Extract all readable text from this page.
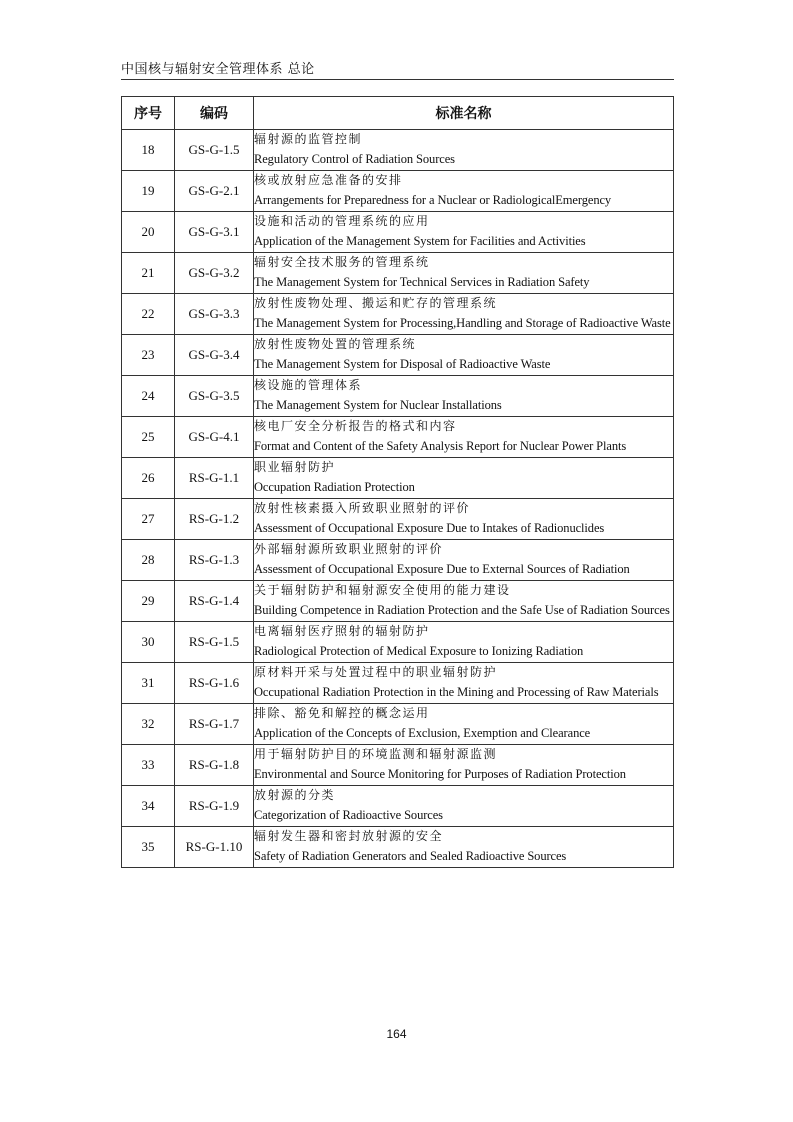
中国核与辐射安全管理体系 总论
序号	编码	标准名称
18	GS-G-1.5	辐射源的监管控制
Regulatory Control of Radiation Sources

19	GS-G-2.1	核或放射应急准备的安排
Arrangements for Preparedness for a Nuclear or RadiologicalEmergency

20	GS-G-3.1	设施和活动的管理系统的应用
Application of the Management System for Facilities and Activities

21	GS-G-3.2	辐射安全技术服务的管理系统
The Management System for Technical Services in Radiation Safety

22	GS-G-3.3	放射性废物处理、搬运和贮存的管理系统
The Management System for Processing,Handling and Storage of Radioactive Waste

23	GS-G-3.4	放射性废物处置的管理系统
The Management System for Disposal of Radioactive Waste

24	GS-G-3.5	核设施的管理体系
The Management System for Nuclear Installations

25	GS-G-4.1	核电厂安全分析报告的格式和内容
Format and Content of the Safety Analysis Report for Nuclear Power Plants

26	RS-G-1.1	职业辐射防护
Occupation Radiation Protection

27	RS-G-1.2	放射性核素摄入所致职业照射的评价
Assessment of Occupational Exposure Due to Intakes of Radionuclides

28	RS-G-1.3	外部辐射源所致职业照射的评价
Assessment of Occupational Exposure Due to External Sources of Radiation

29	RS-G-1.4	关于辐射防护和辐射源安全使用的能力建设
Building Competence in Radiation Protection and the Safe Use of Radiation Sources

30	RS-G-1.5	电离辐射医疗照射的辐射防护
Radiological Protection of Medical Exposure to Ionizing Radiation

31	RS-G-1.6	原材料开采与处置过程中的职业辐射防护
Occupational Radiation Protection in the Mining and Processing of Raw Materials

32	RS-G-1.7	排除、豁免和解控的概念运用
Application of the Concepts of Exclusion, Exemption and Clearance

33	RS-G-1.8	用于辐射防护目的环境监测和辐射源监测
Environmental and Source Monitoring for Purposes of Radiation Protection

34	RS-G-1.9	放射源的分类
Categorization of Radioactive Sources

35	RS-G-1.10	辐射发生器和密封放射源的安全
Safety of Radiation Generators and Sealed Radioactive Sources
164
